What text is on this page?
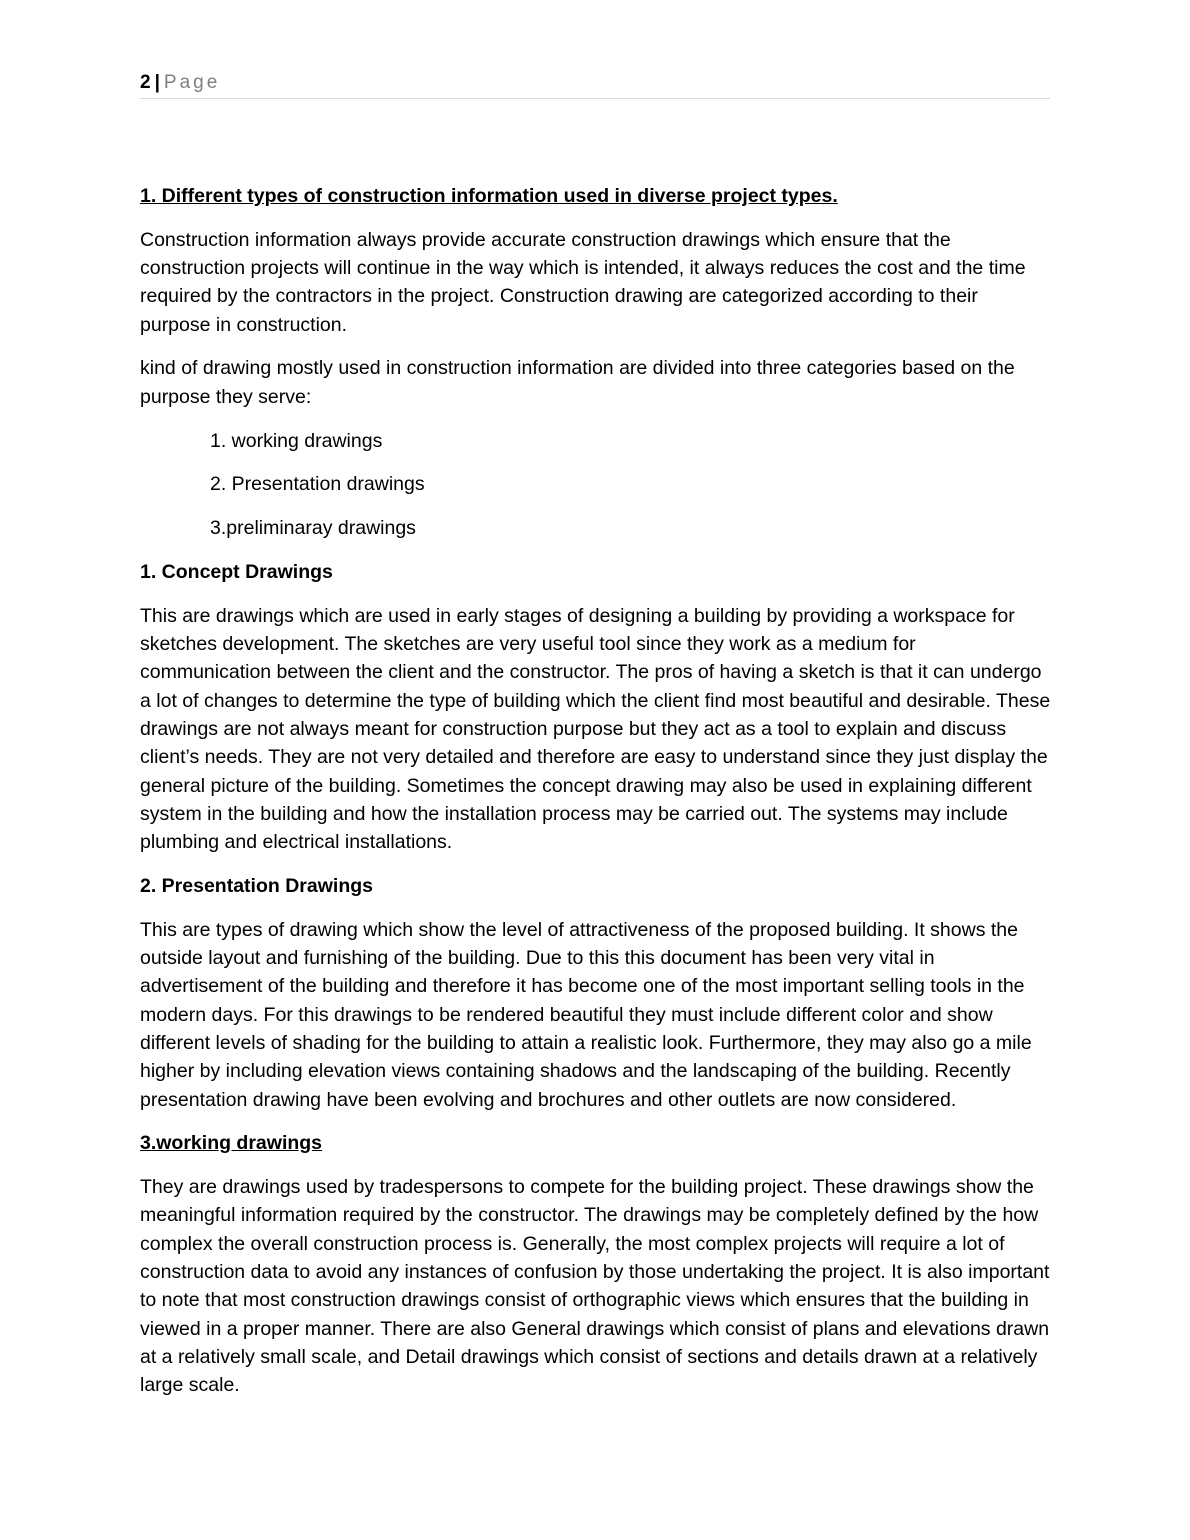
2 | Page

1. Different types of construction information used in diverse project types.

Construction information always provide accurate construction drawings which ensure that the construction projects will continue in the way which is intended, it always reduces the cost and the time required by the contractors in the project. Construction drawing are categorized according to their purpose in construction.

kind of drawing mostly used in construction information are divided into three categories based on the purpose they serve:

1. working drawings

2. Presentation drawings

3.preliminaray drawings

1. Concept Drawings

This are drawings which are used in early stages of designing a building by providing a workspace for sketches development. The sketches are very useful tool since they work as a medium for communication between the client and the constructor. The pros of having a sketch is that it can undergo a lot of changes to determine the type of building which the client find most beautiful and desirable. These drawings are not always meant for construction purpose but they act as a tool to explain and discuss client’s needs. They are not very detailed and therefore are easy to understand since they just display the general picture of the building. Sometimes the concept drawing may also be used in explaining different system in the building and how the installation process may be carried out. The systems may include plumbing and electrical installations.

2. Presentation Drawings

This are types of drawing which show the level of attractiveness of the proposed building. It shows the outside layout and furnishing of the building. Due to this this document has been very vital in advertisement of the building and therefore it has become one of the most important selling tools in the modern days. For this drawings to be rendered beautiful they must include different color and show different levels of shading for the building to attain a realistic look. Furthermore, they may also go a mile higher by including elevation views containing shadows and the landscaping of the building. Recently presentation drawing have been evolving and brochures and other outlets are now considered.

3.working drawings

They are drawings used by tradespersons to compete for the building project. These drawings show the meaningful information required by the constructor. The drawings may be completely defined by the how complex the overall construction process is. Generally, the most complex projects will require a lot of construction data to avoid any instances of confusion by those undertaking the project. It is also important to note that most construction drawings consist of orthographic views which ensures that the building in viewed in a proper manner. There are also General drawings which consist of plans and elevations drawn at a relatively small scale, and Detail drawings which consist of sections and details drawn at a relatively large scale.
